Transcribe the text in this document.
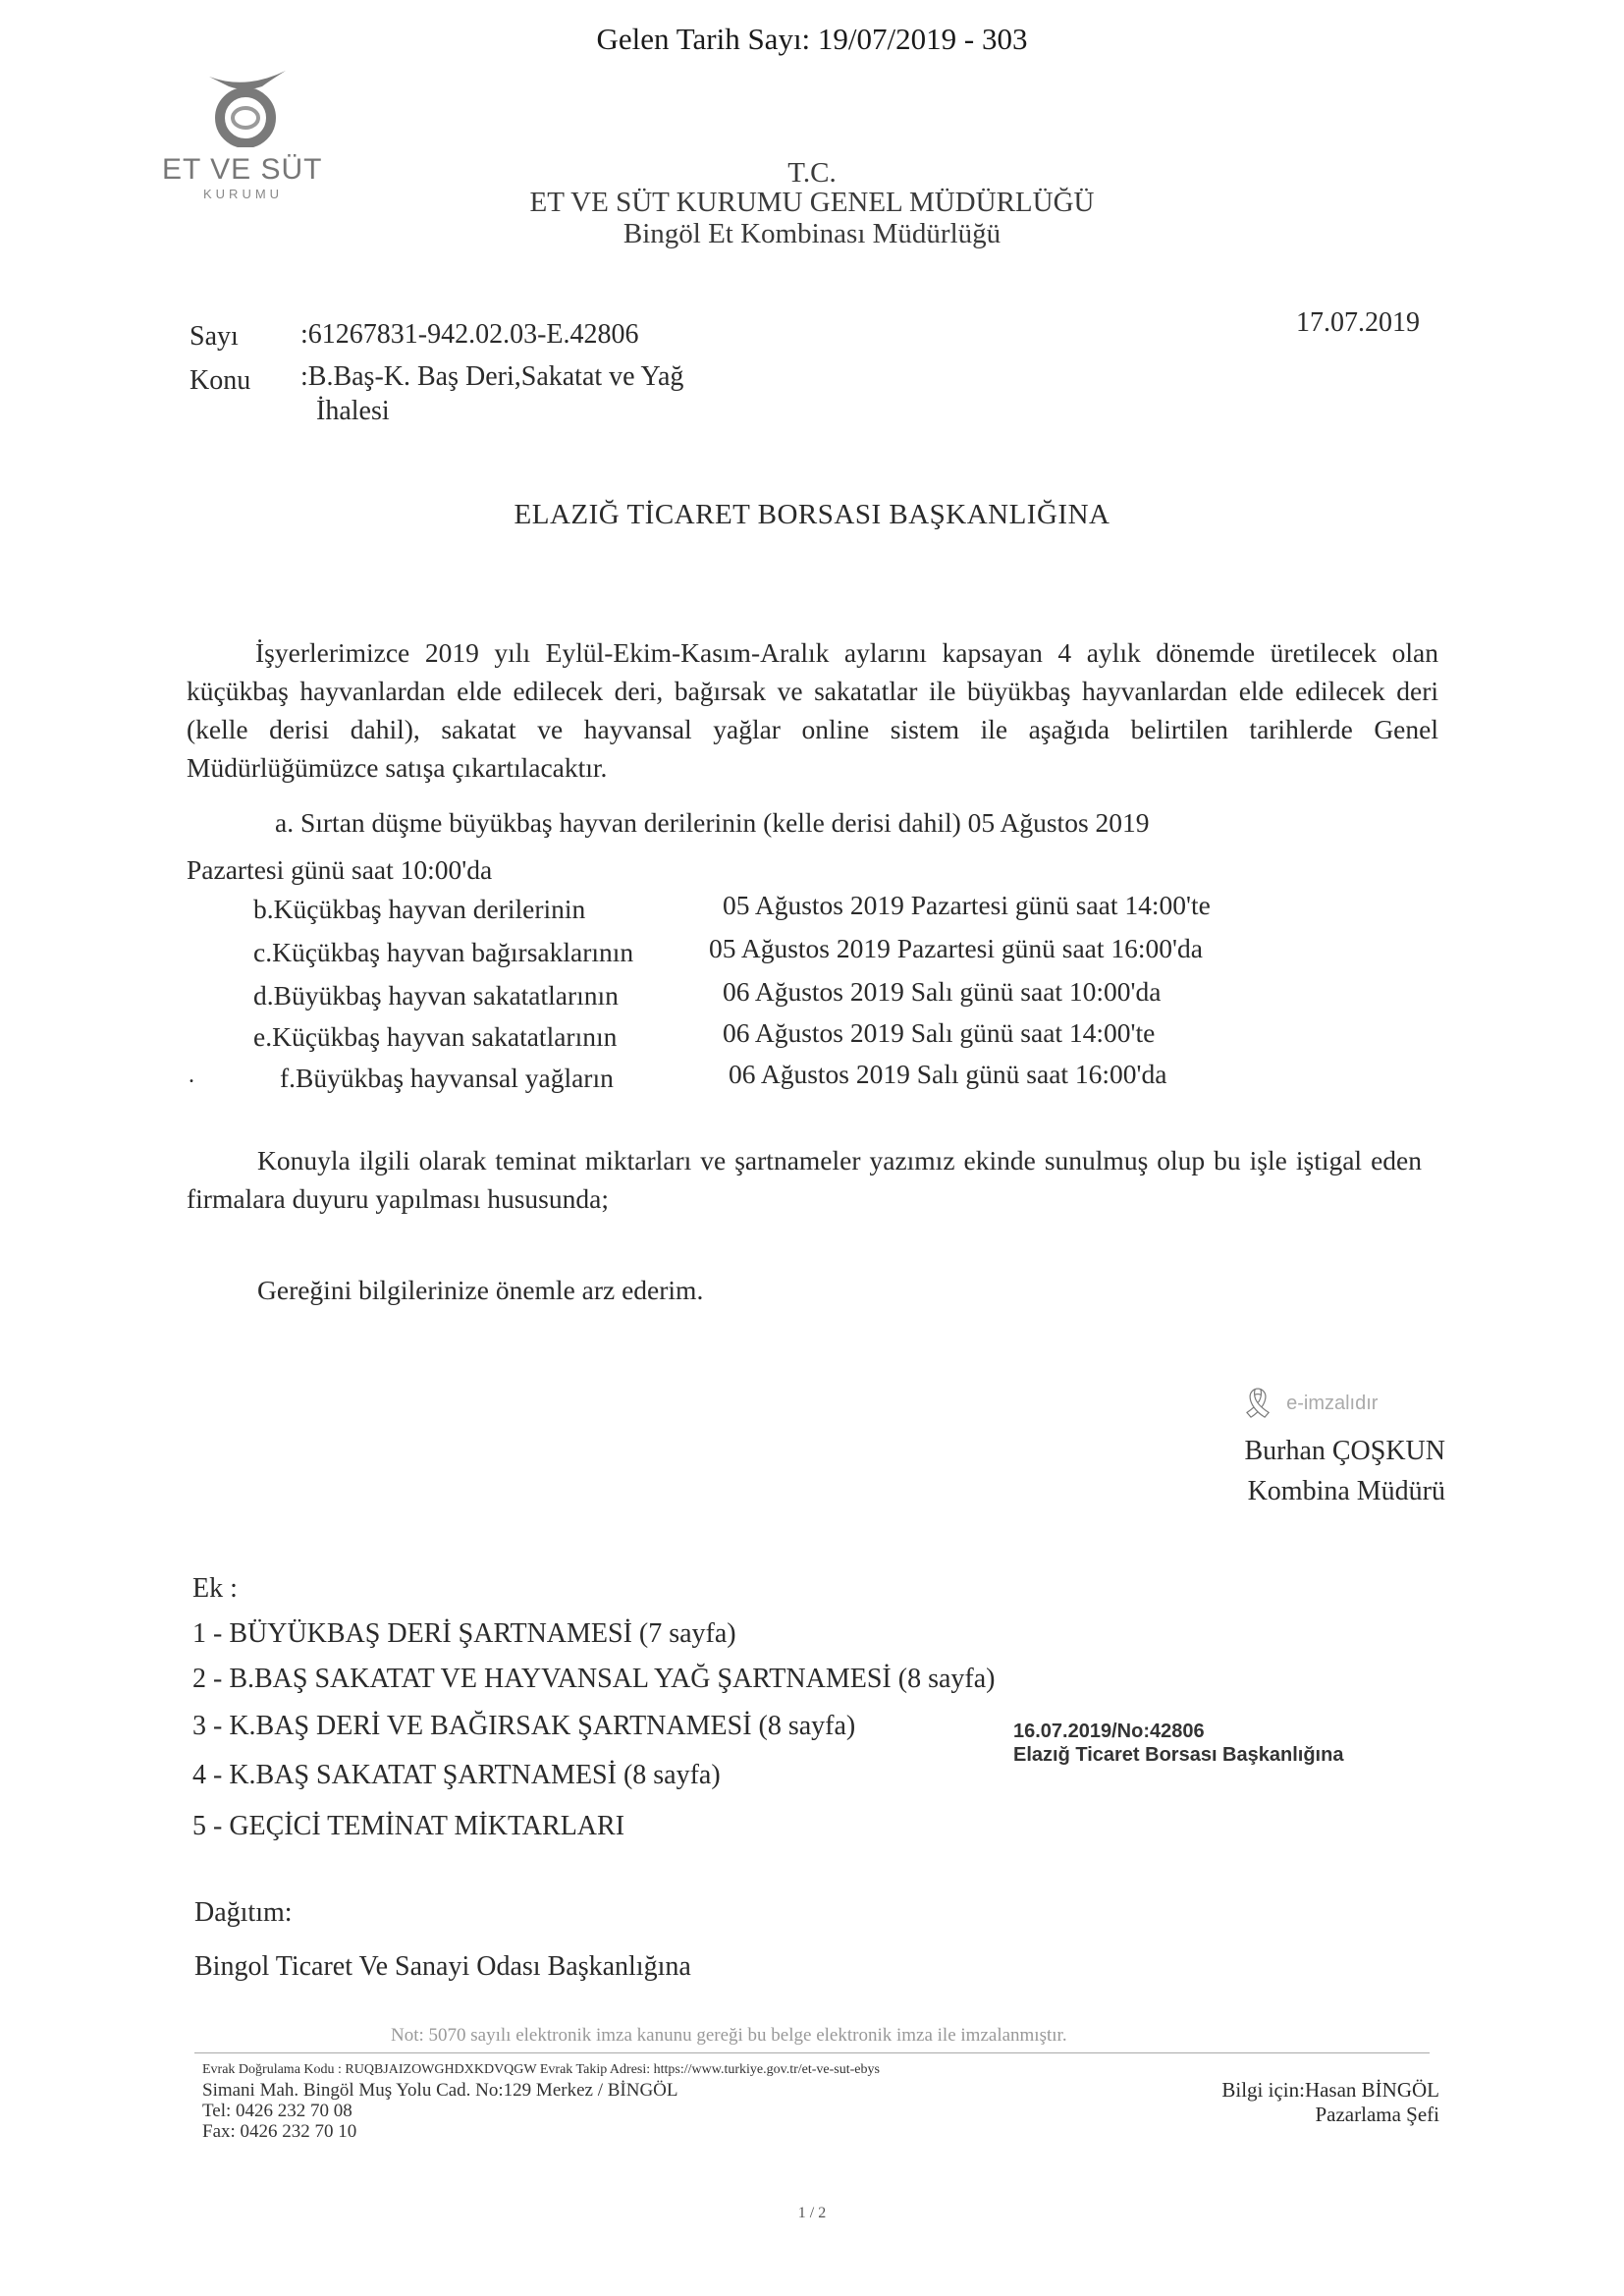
Gelen Tarih Sayı: 19/07/2019 - 303
ET VE SÜT
KURUMU
T.C.
ET VE SÜT KURUMU GENEL MÜDÜRLÜĞÜ
Bingöl Et Kombinası Müdürlüğü
Sayı :61267831-942.02.03-E.42806
Konu :B.Baş-K. Baş Deri,Sakatat ve Yağ
İhalesi
17.07.2019
ELAZIĞ TİCARET BORSASI BAŞKANLIĞINA
İşyerlerimizce 2019 yılı Eylül-Ekim-Kasım-Aralık aylarını kapsayan 4 aylık dönemde üretilecek olan küçükbaş hayvanlardan elde edilecek deri, bağırsak ve sakatatlar ile büyükbaş hayvanlardan elde edilecek deri (kelle derisi dahil), sakatat ve hayvansal yağlar online sistem ile aşağıda belirtilen tarihlerde Genel Müdürlüğümüzce satışa çıkartılacaktır.
a. Sırtan düşme büyükbaş hayvan derilerinin (kelle derisi dahil) 05 Ağustos 2019
Pazartesi günü saat 10:00'da
b.Küçükbaş hayvan derilerinin	05 Ağustos 2019 Pazartesi günü saat 14:00'te
c.Küçükbaş hayvan bağırsaklarının	05 Ağustos 2019 Pazartesi günü saat 16:00'da
d.Büyükbaş hayvan sakatatlarının	06 Ağustos 2019 Salı günü saat 10:00'da
e.Küçükbaş hayvan sakatatlarının	06 Ağustos 2019 Salı günü saat 14:00'te
.	f.Büyükbaş hayvansal yağların	06 Ağustos 2019 Salı günü saat 16:00'da
Konuyla ilgili olarak teminat miktarları ve şartnameler yazımız ekinde sunulmuş olup bu işle iştigal eden firmalara duyuru yapılması hususunda;
Gereğini bilgilerinize önemle arz ederim.
🎗 e-imzalıdır
Burhan ÇOŞKUN
Kombina Müdürü
Ek :
1 - BÜYÜKBAŞ DERİ ŞARTNAMESİ (7 sayfa)
2 - B.BAŞ SAKATAT VE HAYVANSAL YAĞ ŞARTNAMESİ (8 sayfa)
3 - K.BAŞ DERİ VE BAĞIRSAK ŞARTNAMESİ (8 sayfa)
4 - K.BAŞ SAKATAT ŞARTNAMESİ (8 sayfa)
5 - GEÇİCİ TEMİNAT MİKTARLARI
16.07.2019/No:42806
Elazığ Ticaret Borsası Başkanlığına
Dağıtım:
Bingol Ticaret Ve Sanayi Odası Başkanlığına
Not: 5070 sayılı elektronik imza kanunu gereği bu belge elektronik imza ile imzalanmıştır.
Evrak Doğrulama Kodu : RUQBJAIZOWGHDXKDVQGW Evrak Takip Adresi: https://www.turkiye.gov.tr/et-ve-sut-ebys
Simani Mah. Bingöl Muş Yolu Cad. No:129 Merkez / BİNGÖL
Tel: 0426 232 70 08
Fax: 0426 232 70 10
Bilgi için:Hasan BİNGÖL
Pazarlama Şefi
1 / 2
